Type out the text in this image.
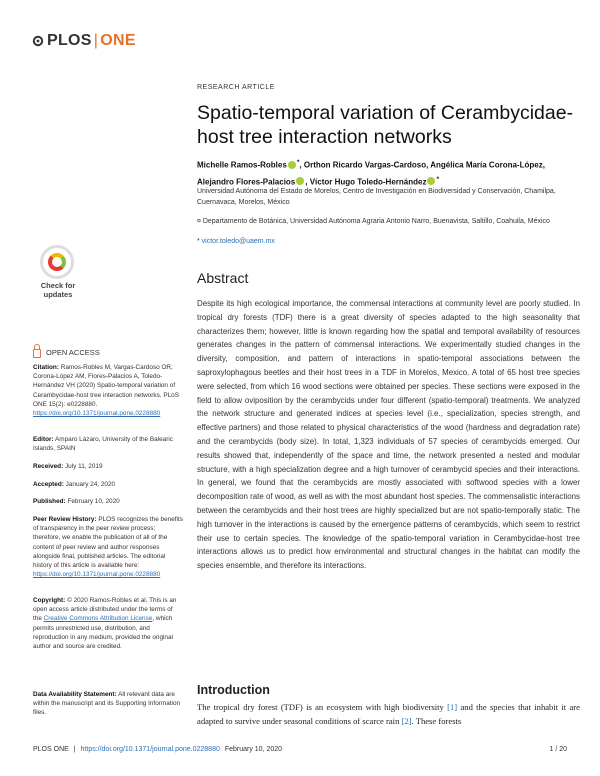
PLOS | ONE
RESEARCH ARTICLE
Spatio-temporal variation of Cerambycidae-host tree interaction networks
Michelle Ramos-Robles *, Orthon Ricardo Vargas-Cardoso, Angélica María Corona-López, Alejandro Flores-Palacios , Víctor Hugo Toledo-Hernández *
Universidad Autónoma del Estado de Morelos, Centro de Investigación en Biodiversidad y Conservación, Chamilpa, Cuernavaca, Morelos, México
¤ Departamento de Botánica, Universidad Autónoma Agraria Antonio Narro, Buenavista, Saltillo, Coahuila, México
* victor.toledo@uaem.mx
Check for
updates
OPEN ACCESS
Citation: Ramos-Robles M, Vargas-Cardoso OR, Corona-López AM, Flores-Palacios A, Toledo-Hernández VH (2020) Spatio-temporal variation of Cerambycidae-host tree interaction networks. PLoS ONE 15(2): e0228880. https://doi.org/10.1371/journal.pone.0228880
Editor: Amparo Lázaro, University of the Balearic Islands, SPAIN
Received: July 11, 2019
Accepted: January 24, 2020
Published: February 10, 2020
Peer Review History: PLOS recognizes the benefits of transparency in the peer review process; therefore, we enable the publication of all of the content of peer review and author responses alongside final, published articles. The editorial history of this article is available here: https://doi.org/10.1371/journal.pone.0228880
Copyright: © 2020 Ramos-Robles et al. This is an open access article distributed under the terms of the Creative Commons Attribution License, which permits unrestricted use, distribution, and reproduction in any medium, provided the original author and source are credited.
Data Availability Statement: All relevant data are within the manuscript and its Supporting Information files.
Abstract
Despite its high ecological importance, the commensal interactions at community level are poorly studied. In tropical dry forests (TDF) there is a great diversity of species adapted to the high seasonality that characterizes them; however, little is known regarding how the spatial and temporal availability of resources generates changes in the pattern of commensal interactions. We experimentally studied changes in the diversity, composition, and pattern of interactions in spatio-temporal associations between the saproxylophagous beetles and their host trees in a TDF in Morelos, Mexico. A total of 65 host tree species were selected, from which 16 wood sections were obtained per species. These sections were exposed in the field to allow oviposition by the cerambycids under four different (spatio-temporal) treatments. We analyzed the network structure and generated indices at species level (i.e., specialization, species strength, and effective partners) and those related to physical characteristics of the wood (hardness and degradation rate) and the cerambycids (body size). In total, 1,323 individuals of 57 species of cerambycids emerged. Our results showed that, independently of the space and time, the network presented a nested and modular structure, with a high specialization degree and a high turnover of cerambycid species and their interactions. In general, we found that the cerambycids are mostly associated with softwood species with a lower decomposition rate of wood, as well as with the most abundant host species. The commensalistic interactions between the cerambycids and their host trees are highly specialized but are not spatio-temporally static. The high turnover in the interactions is caused by the emergence patterns of cerambycids, which seem to restrict their use to certain species. The knowledge of the spatio-temporal variation in Cerambycidae-host tree interactions allows us to predict how environmental and structural changes in the habitat can modify the species ensemble, and therefore its interactions.
Introduction
The tropical dry forest (TDF) is an ecosystem with high biodiversity [1] and the species that inhabit it are adapted to survive under seasonal conditions of scarce rain [2]. These forests
PLOS ONE | https://doi.org/10.1371/journal.pone.0228880 February 10, 2020	1 / 20
